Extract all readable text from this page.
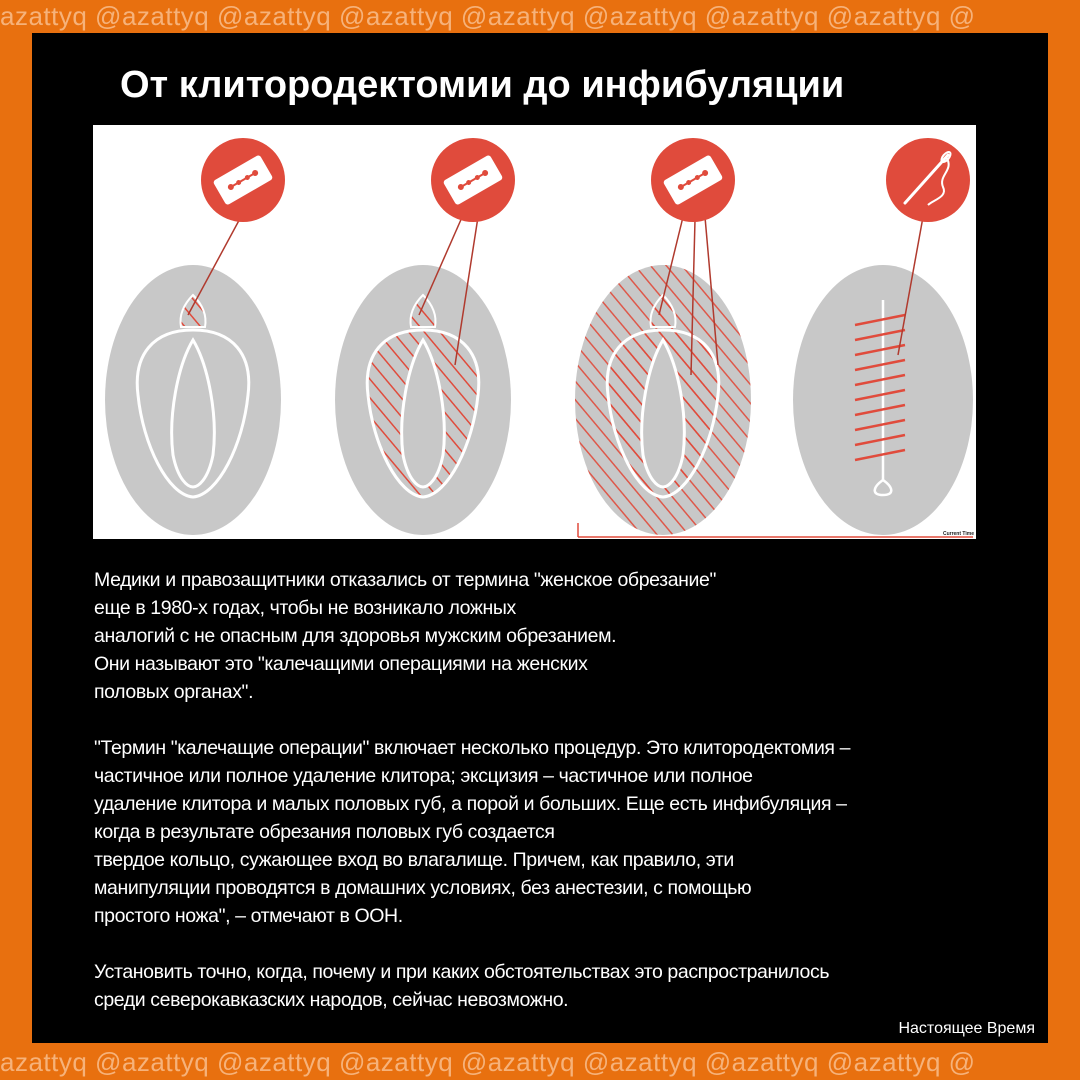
azattyq @azattyq @azattyq @azattyq @azattyq @azattyq @azattyq @azattyq @
От клитородектомии до инфибуляции
Current Time
Медики и правозащитники отказались от термина "женское обрезание"
еще в 1980-х годах, чтобы не возникало ложных
аналогий с не опасным для здоровья мужским обрезанием.
Они называют это "калечащими операциями на женских
половых органах".
"Термин "калечащие операции" включает несколько процедур. Это клитородектомия –
частичное или полное удаление клитора; эксцизия – частичное или полное
удаление клитора и малых половых губ, а порой и больших. Еще есть инфибуляция –
когда в результате обрезания половых губ создается
твердое кольцо, сужающее вход во влагалище. Причем, как правило, эти
манипуляции проводятся в домашних условиях, без анестезии, с помощью
простого ножа", – отмечают в ООН.
Установить точно, когда, почему и при каких обстоятельствах это распространилось
среди северокавказских народов, сейчас невозможно.
Настоящее Время
azattyq @azattyq @azattyq @azattyq @azattyq @azattyq @azattyq @azattyq @
